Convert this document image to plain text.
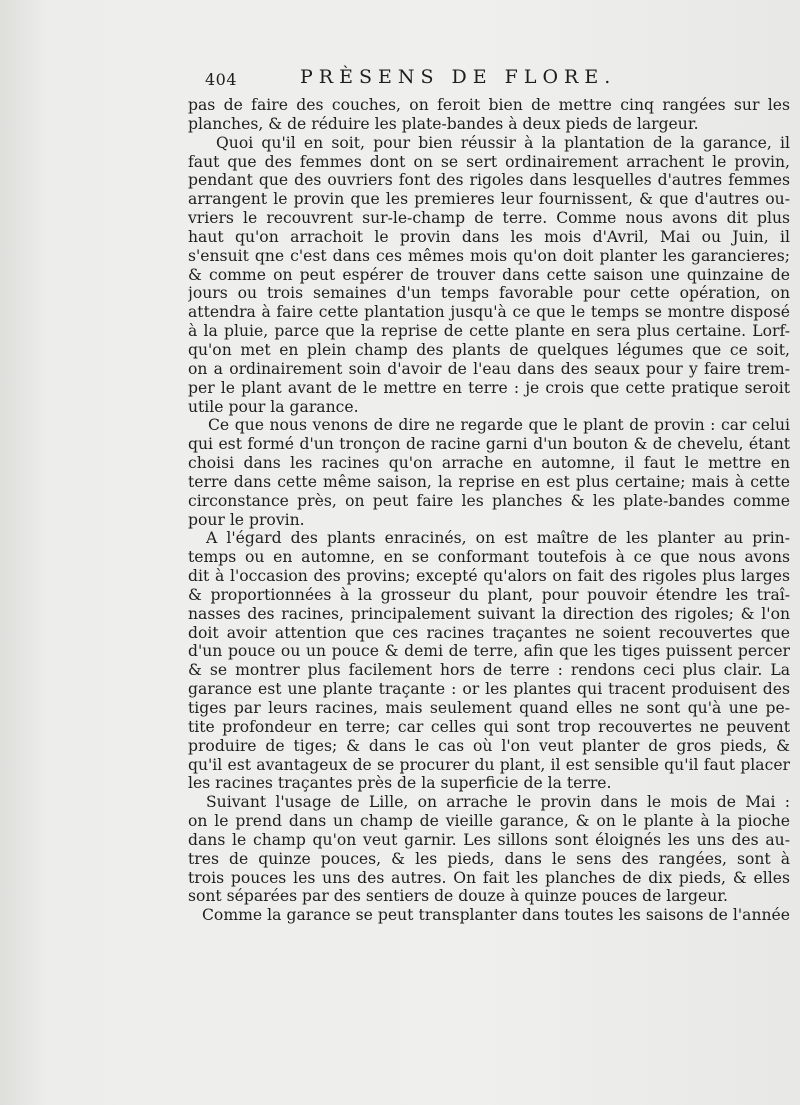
404	PRÈSENS DE FLORE.
pas de faire des couches, on feroit bien de mettre cinq rangées sur les
planches, & de réduire les plate-bandes à deux pieds de largeur.
Quoi qu'il en soit, pour bien réussir à la plantation de la garance, il
faut que des femmes dont on se sert ordinairement arrachent le provin,
pendant que des ouvriers font des rigoles dans lesquelles d'autres femmes
arrangent le provin que les premieres leur fournissent, & que d'autres ou-
vriers le recouvrent sur-le-champ de terre. Comme nous avons dit plus
haut qu'on arrachoit le provin dans les mois d'Avril, Mai ou Juin, il
s'ensuit qne c'est dans ces mêmes mois qu'on doit planter les garancieres;
& comme on peut espérer de trouver dans cette saison une quinzaine de
jours ou trois semaines d'un temps favorable pour cette opération, on
attendra à faire cette plantation jusqu'à ce que le temps se montre disposé
à la pluie, parce que la reprise de cette plante en sera plus certaine. Lorf-
qu'on met en plein champ des plants de quelques légumes que ce soit,
on a ordinairement soin d'avoir de l'eau dans des seaux pour y faire trem-
per le plant avant de le mettre en terre : je crois que cette pratique seroit
utile pour la garance.
Ce que nous venons de dire ne regarde que le plant de provin : car celui
qui est formé d'un tronçon de racine garni d'un bouton & de chevelu, étant
choisi dans les racines qu'on arrache en automne, il faut le mettre en
terre dans cette même saison, la reprise en est plus certaine; mais à cette
circonstance près, on peut faire les planches & les plate-bandes comme
pour le provin.
A l'égard des plants enracinés, on est maître de les planter au prin-
temps ou en automne, en se conformant toutefois à ce que nous avons
dit à l'occasion des provins; excepté qu'alors on fait des rigoles plus larges
& proportionnées à la grosseur du plant, pour pouvoir étendre les traî-
nasses des racines, principalement suivant la direction des rigoles; & l'on
doit avoir attention que ces racines traçantes ne soient recouvertes que
d'un pouce ou un pouce & demi de terre, afin que les tiges puissent percer
& se montrer plus facilement hors de terre : rendons ceci plus clair. La
garance est une plante traçante : or les plantes qui tracent produisent des
tiges par leurs racines, mais seulement quand elles ne sont qu'à une pe-
tite profondeur en terre; car celles qui sont trop recouvertes ne peuvent
produire de tiges; & dans le cas où l'on veut planter de gros pieds, &
qu'il est avantageux de se procurer du plant, il est sensible qu'il faut placer
les racines traçantes près de la superficie de la terre.
Suivant l'usage de Lille, on arrache le provin dans le mois de Mai :
on le prend dans un champ de vieille garance, & on le plante à la pioche
dans le champ qu'on veut garnir. Les sillons sont éloignés les uns des au-
tres de quinze pouces, & les pieds, dans le sens des rangées, sont à
trois pouces les uns des autres. On fait les planches de dix pieds, & elles
sont séparées par des sentiers de douze à quinze pouces de largeur.
Comme la garance se peut transplanter dans toutes les saisons de l'année
